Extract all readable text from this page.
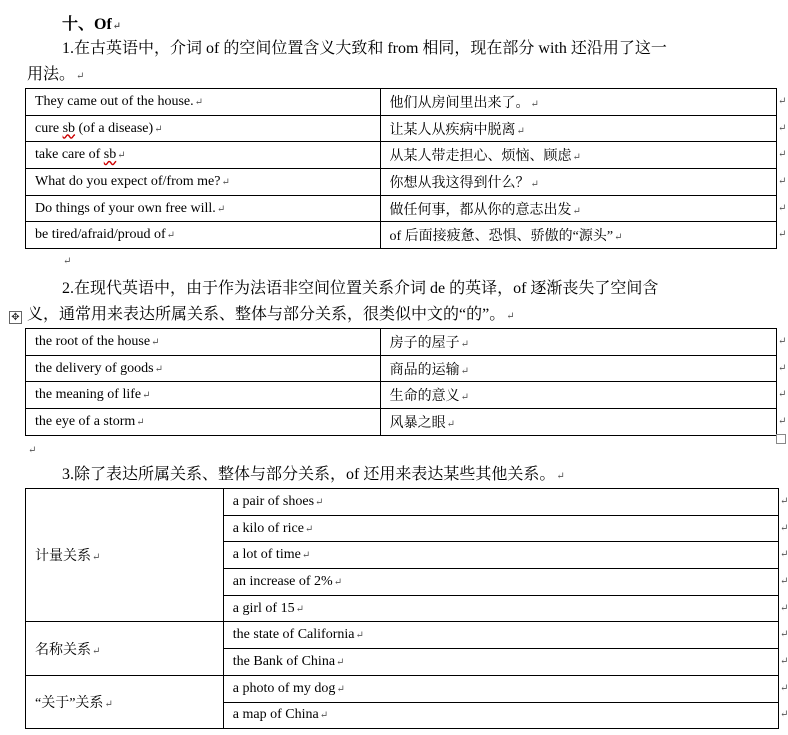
十、Of↵
1.在古英语中，介词 of 的空间位置含义大致和 from 相同，现在部分 with 还沿用了这一
用法。↵
They came out of the house.↵	他们从房间里出来了。↵
cure sb (of a disease)↵	让某人从疾病中脱离↵
take care of sb↵	从某人带走担心、烦恼、顾虑↵
What do you expect of/from me?↵	你想从我这得到什么？↵
Do things of your own free will.↵	做任何事，都从你的意志出发↵
be tired/afraid/proud of↵	of 后面接疲惫、恐惧、骄傲的“源头”↵
↵
2.在现代英语中，由于作为法语非空间位置关系介词 de 的英译，of 逐渐丧失了空间含
✥ 义，通常用来表达所属关系、整体与部分关系，很类似中文的“的”。↵
the root of the house↵	房子的屋子↵
the delivery of goods↵	商品的运输↵
the meaning of life↵	生命的意义↵
the eye of a storm↵	风暴之眼↵
↵
3.除了表达所属关系、整体与部分关系，of 还用来表达某些其他关系。↵
计量关系↵	a pair of shoes↵
	a kilo of rice↵
	a lot of time↵
	an increase of 2%↵
	a girl of 15↵
名称关系↵	the state of California↵
	the Bank of China↵
“关于”关系↵	a photo of my dog↵
	a map of China↵
↵
↵
↵
↵
↵
↵
↵
↵
↵
↵
↵
↵
↵
↵
↵
↵
↵
↵
↵
